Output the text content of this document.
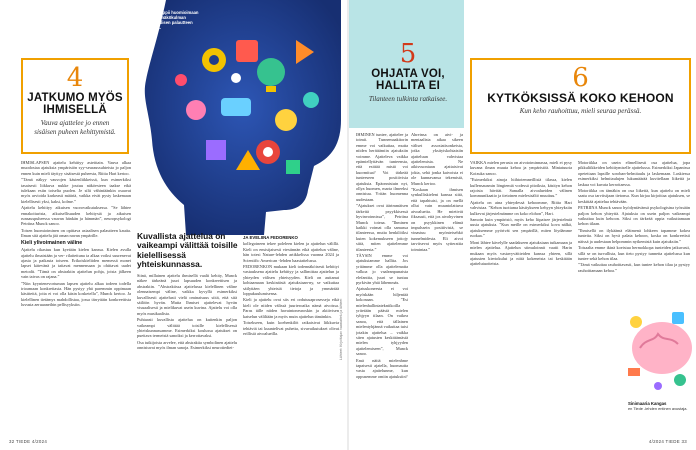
Lapsi oppii huomioimaan toisen näkökulman sosiaalisen palautteen avulla.
4
JATKUMO MYÖS IHMISELLÄ
Vauva ajattelee jo ennen sisäisen puheen kehittymistä.

IHMISLAPSEN ajattelu kehittyy asteittain. Vauva alkaa muodostaa ajatuksia ympäristön syy-seuraussuhteista jo paljon ennen kuin mieli täyttyy sisäisestä puheesta, Riitta Hari kertoo.

”Tämä näkyy vauvojen käsienliikkeissä, kun esimerkiksi tasaisesti liikkuva nukke joutuu näköesteen taakse eikä tulekaan esiin toiselta puolen. Je silti vähintäänkin osaavat myös arvioida karkeasti määriä, vaikka eivät pysty laskemaan kielellisesti yksi, kaksi, kolme.”

Ajattelu kehittyy aikuisen vuorovaikutuksessa. ”Se lähtee ennakoiturista, aikuisellisuuden kehitystä ja aikuisen runsauspuheessa vauvan hänkän ja hämmän”, neuropsykologi Petriina Munck sanoo.

Toisen huomioiminen on opittava asiaalisen palautteen kautta. Ilman sitä ajattelu jää oman navan ympärille.

Kieli ylivoimainen väline

Ajattelu rikastuu kun kyetään kielen kanssa. Kielen avulla ajattelu ilmaistään ja ver- rilaitettuna ia alkaa voiksi suurenevat ajasta ja paikasta toiseen. Erikoiskieliiden memessä monet lapset kätevänä ja taitavat mennensaan ja ohittavat uudet metodit. ”Tämä on abstraktin ajattelun pohja, joista jälkeen vain taivas on rajana.”

”Niin kyyntenevortuman lapsen ajattelu alkaa todeen todella irtoamaan konkretiasta. Hän pystyy yhä paremmin oppimaan käsitteitä, joita ei voi olla käsin kosketella”, Munck kertoo. Ja kielellinen tietämys mahdollistaa, jossa tärryttäin konkreettista luvusta aeruaaneihin pellisyyksiin.

Kuvallista ajattelua on vaikeampi välittää toisille kielellisessä yhteiskunnassa.

Siinä, millainen ajattelu ihmisellä vaalii kehity, Munck näkee tärkeänä juuri lapsuuden konkreettisen ja abstraktin. ”Abstraktissa ajattelussa kielellinen väline olennaisempi väline, vaikka kyvyllä esimerkiksi kuvallisesti ajattelusti vielä ominaisuus siitä, että sitä säilöön hyvän. Mutta Ihmiset ajattelevat hyvän visuaalisesti ja mielikuvat usein kuvina. Ajattelu voi olla myös musikaalista.

Puhtaasti kuvallista ajattelua on kuitenkin paljon vaikeampi välittää toisille kielellisessä yhteiskunnassamme. Esimerkiksi koulussa ajatukset on puettava termeistä sanoiksi ja kerrottavaksi.

Osa tutkijoista arvelee, että abstraktia symbolinen ajattelu onnistuvat myös ilman sanoja. Esimerkiksi neurotiedtei-

JA EVELIINA FEDORENKO

kollegoineen tekee poleleen kielen ja ajattelun välillä. Kieli on ensisijaisesti viestinnän eikä ajattelun väline, hän totesi Nature-lehden artikkelissa vuonna 2024 ja Scientific American -lehden haastattelussa.

FEDORENKON mukaan kieli todennäköisesti kehittyi vastauksena ajattelu kehittyy ja sallimittaa ajattelun ja yhteyden välisen yhteisyyden. Kieli on auttanut kohtaamaan keskinäistä ajatuksiaan-ny, se vaikuttaa säilyttäen yhteisiä tietoja ja ymmärtää loppukuulumisensa.

Kieli ja ajattelu ovat siis eri ordutusaprosesseja eikä kieli ole niiden välissä juurieroaika nämä aivoissa. Paras tälle niiden havaintoneuroskin ja aktiivisen katselun väliltään ja myös muin ajattelun tämänkin.

Toisekseen, kuin koehenkilöt ratkaisivat liikkuvia tehtäviä tai kuuntelivat puhetta, sivuvaikutukset olivat erillisiä aivoalueilla.	Lähteet: Kirjoittajan haastattelu ja lähteet
5
OHJATA VOI, HALLITA EI
Tilanteen tulkinta ratkaisee.

IHMINEN tuntee, ajattelee ja toimii. Tunnemaakitorin emme voi vaikuttaa, mutta niiden herättämiin ajatuksiin voimme. Ajatteleva vaikka epämiellyttävän tunteensta, että esittää mistä voi kuormitua? Voi tärkeää tunteeseen positiivisia ajatuksia. Epäonnistuin nyt, ollya huomen, marta ilmeeksi onnistuu. Yritän huomenna uudestaan.

”Ajatukset ovat äärimmäisen tärkeitä psyykkisessä hyvinvoinnissa”, Petriina Munck toteaa. ”Ihminen kaikki voimat olla samassa tilanteessa, mutta henkilöiksi kuten kokemukseen jottojy siitä, miten ajattelemme tilanteesta.”

TÄYSIN emme voi ajatuksiamme hallita. Jos yritämme olla ajattelematta valkoa jo vaaleanpunaista elefanttia, juuri se tuntuu pyrkivän yhtä lähemmäs.

Ajatuskoneesta ei voi myöskään hiljentää kokonaan. ”Esi mielenhallintatekniikoilla yritetään päästä mielen tyhjyyn tilaan. On vaikea sanoa, että tällainen mielentyhjännä vaikuttaa tuisi jotakin ajattelua – vaikka siten ajatusten keskittämästä mielen tyhjyyden ajattelemiseen”, Munck sanoo.

Emä näitä mielenhme tapaisesti ajatella, huomautta vasta ajattelunme, kun oppusemme omiin ajatuksiin?

Ahreinsa on aivi- ja mentaalista aikaa sikeen väliset assosiatisonkeista, jotka yksityiskohtaisiin ajatteluun vahvistaa ajattelemista. Ne aikisvuoniaan ajattaisivat jokta, sehä jonka kaivoista ei ole kunnavansa tekemistä, Munck kertoo.

”Koskaan ihmisen synkulliskieleni kanssa siitä, että tapahtuisi, ja on mellä ollut vain muuntolattuva aivoalueita. He mietivät fiksasuti, että jos aivohyvinen on psyykkinen elämä impulssein positiivistä, se vinastuu myönteisehkö tunnelmidesta. Eli aivot tarvitsevat myös sytterattia toimintaa.”

6
KYTKÖKSISSÄ KOKO KEHOON
Kun keho rauhoittuu, mieli seuraa perässä.

VAIKKA mielen perusta on aivotoiminnassa, mieli ei pysy kuvana ilman muuta kehoa ja ympäristöä. Miniatuuria Koizuka sanoo.

”Esimerkiksi ainoja hiihtotemneillisiä tilassa, kielen kuflensausmin löngtemiä vodessä pitoiksia, käsityn kehon rajoista hävität. Samalla aivoalueiden välinen kommunikaatio ja tietoinen mielesisältö muuttuu.”

Ajattelu on aina yhteydessä kehoomme, Riitta Hari vahvistaa. ”Kehon tuottama käsitykseen kehyyn yhteyksiin kulkevat järjestelmämme on koko elohon”, Hari.

Samoin kuin ympäristö, myös keho liipaisee järjestelmiä uusia ajatuksia. ”Kun meille on esimerkiksi kova nälkä, ajatuksemme pyörivät sen ympärillä, miten löydämme ruokaa.”

Moni lähtee kävelylle saadakseen ajatuksiaan tutkamaan ja mielen ajattelua. Ajattelun stimuloinnit vaatii Harin mukaan myös vastavyväitteiden kanssa yhteen, sillä ajatusten kiertokulut ja niitä kokeneista tai keskitään ajattelutuotteista.

Motoriikka on usein elimellisesti osa ajattelua, jopa pikkuliikkeiden kehittymiselle ajattelussa. Esimerkiksi Japanissa opetettaan lapsille soroban-helmitaulu ja laskemaan. Laskiessa esimerkiksi helmitaulujen lukumäärää kuvitellaan liikettä ja laskua voi kuvata kerrottaessa.

Motoriikka on tämäkin on osa liikettä, kun ajattelu on mieli saatu osa tarvitsijaan tietonsa. Kun kirjaa kirjoittaa ajatuksen, se keskittää ajattelua tehtävään.

PETRIINA Munck sanoo hyödyntävänsä psykologisina työssään paljon kehon yhteyttä. Ajatuksia on usein paljon vaikeampi vaikuttaa kuin kehoon. Siksi on tärkeää oppia vaikuttamaan kehon tilaan.

”Ihmisellä on ilykäämä eläimenä lohkeen tapamme kokea tunteita. Siksi on hyvä palata kehoon, koska on konkreetisti näissä ja uudestaan helpommin nytkemistä kuin ajatuksiin.”

Toisaalta emme ikinä koeistua hermokkopa tunteiden jatkuvasti, sillä se on turvallista, kun tieto pystyy tunnetta ajattelussa kun tuntee sekä kehon tilaa.

”Tämä vaikuttaa rauhoittavasti, kun tuntee kehon tilaa ja pystyy rauhoittamaan kehoa.”

Sinimaaria Kangas
en Tiede -lehden entinen avustaja.
32 TIEDE 4/2024	4/2024 TIEDE 33
